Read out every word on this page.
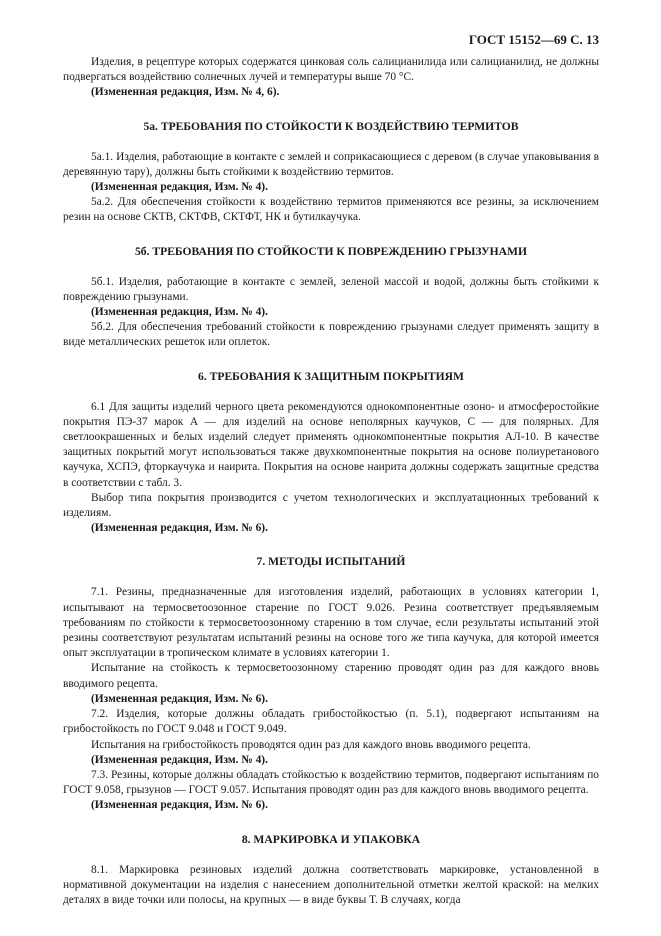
ГОСТ 15152—69 С. 13
Изделия, в рецептуре которых содержатся цинковая соль салицианилида или салицианилид, не должны подвергаться воздействию солнечных лучей и температуры выше 70 °С.
(Измененная редакция, Изм. № 4, 6).
5а. ТРЕБОВАНИЯ ПО СТОЙКОСТИ К ВОЗДЕЙСТВИЮ ТЕРМИТОВ
5а.1. Изделия, работающие в контакте с землей и соприкасающиеся с деревом (в случае упаковывания в деревянную тару), должны быть стойкими к воздействию термитов.
(Измененная редакция, Изм. № 4).
5а.2. Для обеспечения стойкости к воздействию термитов применяются все резины, за исключением резин на основе СКТВ, СКТФВ, СКТФТ, НК и бутилкаучука.
5б. ТРЕБОВАНИЯ ПО СТОЙКОСТИ К ПОВРЕЖДЕНИЮ ГРЫЗУНАМИ
5б.1. Изделия, работающие в контакте с землей, зеленой массой и водой, должны быть стойкими к повреждению грызунами.
(Измененная редакция, Изм. № 4).
5б.2. Для обеспечения требований стойкости к повреждению грызунами следует применять защиту в виде металлических решеток или оплеток.
6. ТРЕБОВАНИЯ К ЗАЩИТНЫМ ПОКРЫТИЯМ
6.1 Для защиты изделий черного цвета рекомендуются однокомпонентные озоно- и атмосферостойкие покрытия ПЭ-37 марок А — для изделий на основе неполярных каучуков, С — для полярных. Для светлоокрашенных и белых изделий следует применять однокомпонентные покрытия АЛ-10. В качестве защитных покрытий могут использоваться также двухкомпонентные покрытия на основе полиуретанового каучука, ХСПЭ, фторкаучука и наирита. Покрытия на основе наирита должны содержать защитные средства в соответствии с табл. 3.
Выбор типа покрытия производится с учетом технологических и эксплуатационных требований к изделиям.
(Измененная редакция, Изм. № 6).
7. МЕТОДЫ ИСПЫТАНИЙ
7.1. Резины, предназначенные для изготовления изделий, работающих в условиях категории 1, испытывают на термосветоозонное старение по ГОСТ 9.026. Резина соответствует предъявляемым требованиям по стойкости к термосветоозонному старению в том случае, если результаты испытаний этой резины соответствуют результатам испытаний резины на основе того же типа каучука, для которой имеется опыт эксплуатации в тропическом климате в условиях категории 1.
Испытание на стойкость к термосветоозонному старению проводят один раз для каждого вновь вводимого рецепта.
(Измененная редакция, Изм. № 6).
7.2. Изделия, которые должны обладать грибостойкостью (п. 5.1), подвергают испытаниям на грибостойкость по ГОСТ 9.048 и ГОСТ 9.049.
Испытания на грибостойкость проводятся один раз для каждого вновь вводимого рецепта.
(Измененная редакция, Изм. № 4).
7.3. Резины, которые должны обладать стойкостью к воздействию термитов, подвергают испытаниям по ГОСТ 9.058, грызунов — ГОСТ 9.057. Испытания проводят один раз для каждого вновь вводимого рецепта.
(Измененная редакция, Изм. № 6).
8. МАРКИРОВКА И УПАКОВКА
8.1. Маркировка резиновых изделий должна соответствовать маркировке, установленной в нормативной документации на изделия с нанесением дополнительной отметки желтой краской: на мелких деталях в виде точки или полосы, на крупных — в виде буквы Т. В случаях, когда
